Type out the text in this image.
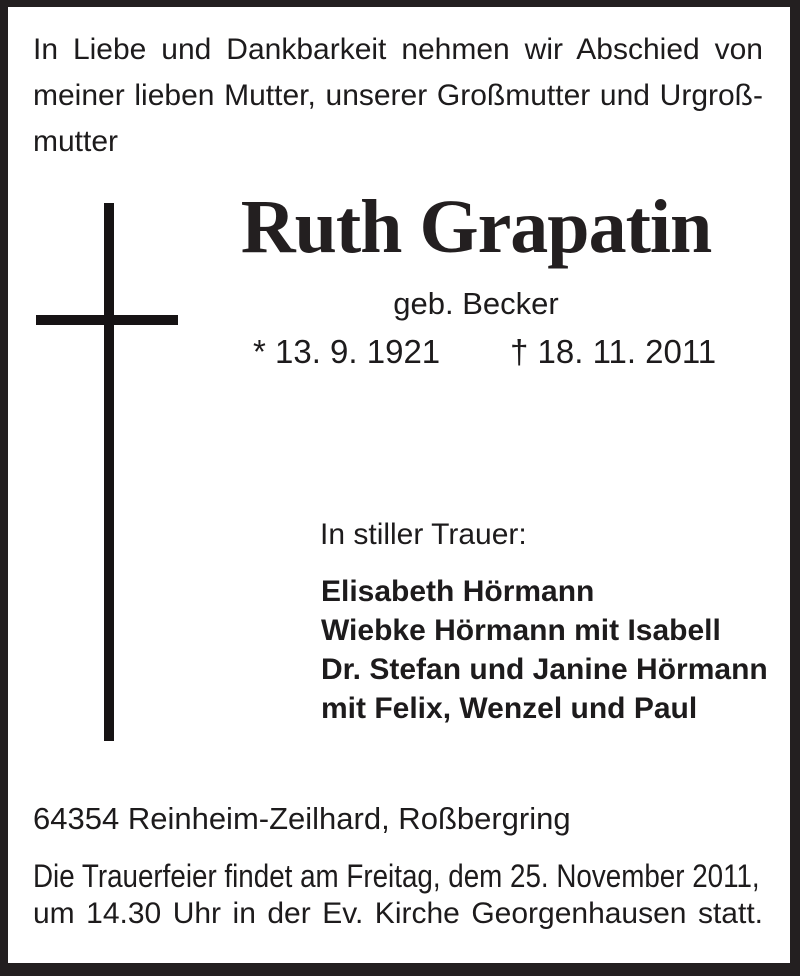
In Liebe und Dankbarkeit nehmen wir Abschied von
meiner lieben Mutter, unserer Großmutter und Urgroß-
mutter
Ruth Grapatin
geb. Becker
* 13. 9. 1921 † 18. 11. 2011
In stiller Trauer:
Elisabeth Hörmann
Wiebke Hörmann mit Isabell
Dr. Stefan und Janine Hörmann
mit Felix, Wenzel und Paul
64354 Reinheim-Zeilhard, Roßbergring
Die Trauerfeier findet am Freitag, dem 25. November 2011,
um 14.30 Uhr in der Ev. Kirche Georgenhausen statt.
